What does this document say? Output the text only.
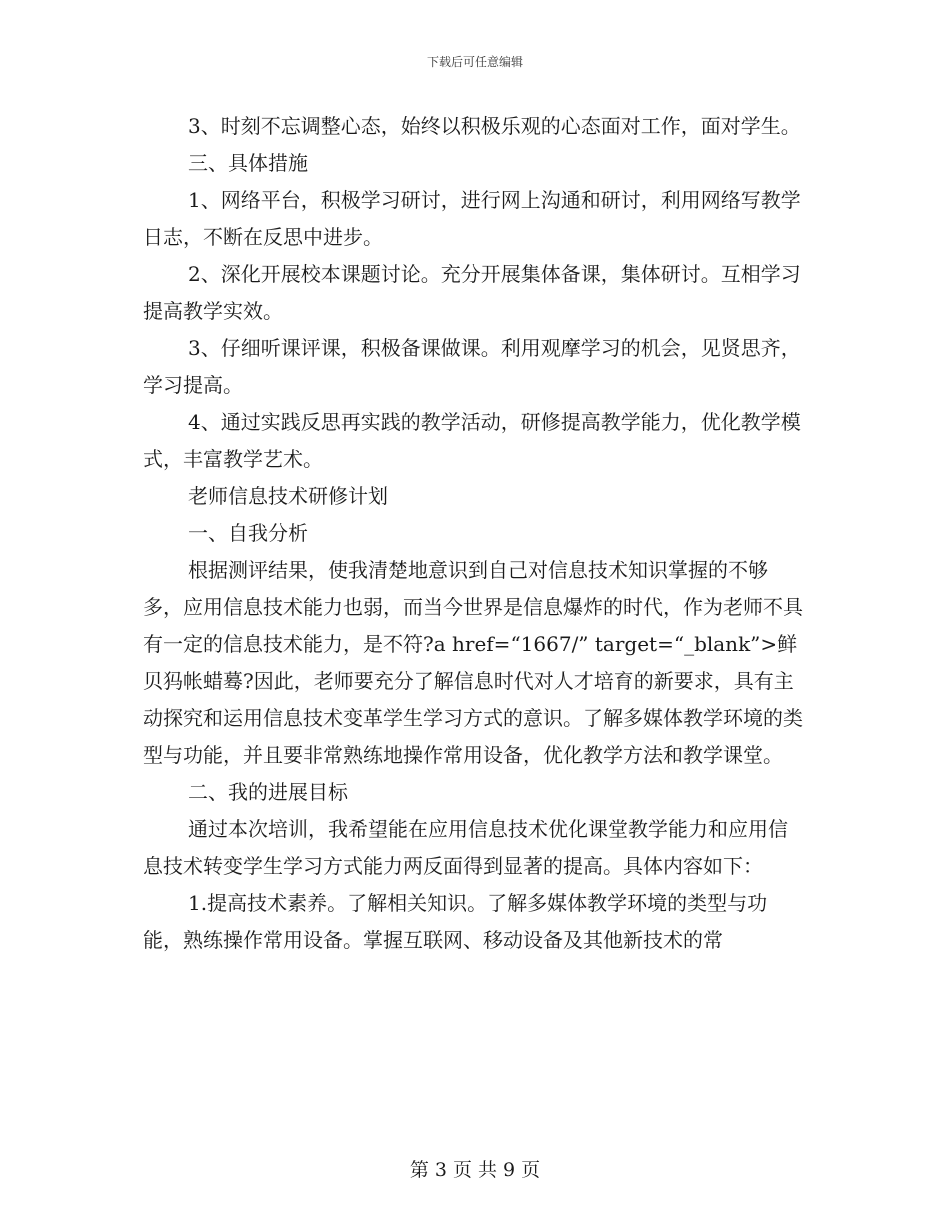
下载后可任意编辑

3、时刻不忘调整心态，始终以积极乐观的心态面对工作，面对学生。

三、具体措施

1、网络平台，积极学习研讨，进行网上沟通和研讨，利用网络写教学日志，不断在反思中进步。

2、深化开展校本课题讨论。充分开展集体备课，集体研讨。互相学习提高教学实效。

3、仔细听课评课，积极备课做课。利用观摩学习的机会，见贤思齐，学习提高。

4、通过实践反思再实践的教学活动，研修提高教学能力，优化教学模式，丰富教学艺术。

老师信息技术研修计划

一、自我分析

根据测评结果，使我清楚地意识到自己对信息技术知识掌握的不够多，应用信息技术能力也弱，而当今世界是信息爆炸的时代，作为老师不具有一定的信息技术能力，是不符?a href=“1667/” target=“_blank”>鲜贝犸帐蜡蓦?因此，老师要充分了解信息时代对人才培育的新要求，具有主动探究和运用信息技术变革学生学习方式的意识。了解多媒体教学环境的类型与功能，并且要非常熟练地操作常用设备，优化教学方法和教学课堂。

二、我的进展目标

通过本次培训，我希望能在应用信息技术优化课堂教学能力和应用信息技术转变学生学习方式能力两反面得到显著的提高。具体内容如下：

1.提高技术素养。了解相关知识。了解多媒体教学环境的类型与功能，熟练操作常用设备。掌握互联网、移动设备及其他新技术的常

第 3 页 共 9 页
